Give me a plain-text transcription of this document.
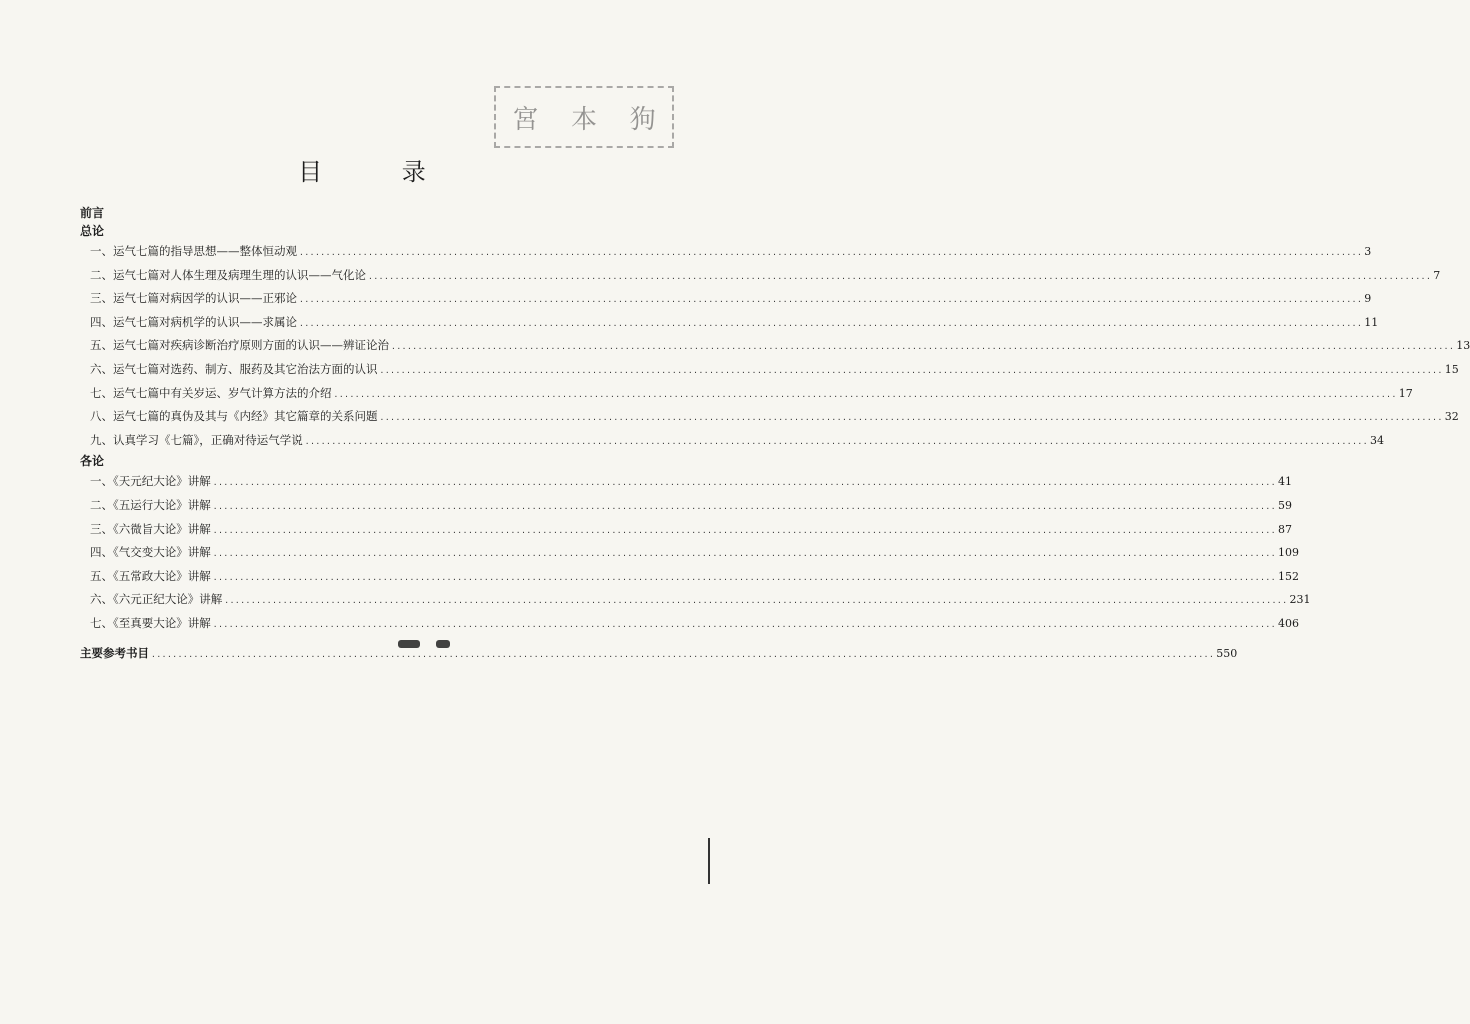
宮 本 狗
目 录
前言
总论
一、运气七篇的指导思想——整体恒动观 ........................................................................................................................................................................................................ 3
二、运气七篇对人体生理及病理生理的认识——气化论 ........................................................................................................................................................................................................ 7
三、运气七篇对病因学的认识——正邪论 ........................................................................................................................................................................................................ 9
四、运气七篇对病机学的认识——求属论 ........................................................................................................................................................................................................ 11
五、运气七篇对疾病诊断治疗原则方面的认识——辨证论治 ........................................................................................................................................................................................................ 13
六、运气七篇对选药、制方、服药及其它治法方面的认识 ........................................................................................................................................................................................................ 15
七、运气七篇中有关岁运、岁气计算方法的介绍 ........................................................................................................................................................................................................ 17
八、运气七篇的真伪及其与《内经》其它篇章的关系问题 ........................................................................................................................................................................................................ 32
九、认真学习《七篇》，正确对待运气学说 ........................................................................................................................................................................................................ 34
各论
一、《天元纪大论》讲解 ........................................................................................................................................................................................................ 41
二、《五运行大论》讲解 ........................................................................................................................................................................................................ 59
三、《六微旨大论》讲解 ........................................................................................................................................................................................................ 87
四、《气交变大论》讲解 ........................................................................................................................................................................................................ 109
五、《五常政大论》讲解 ........................................................................................................................................................................................................ 152
六、《六元正纪大论》讲解 ........................................................................................................................................................................................................ 231
七、《至真要大论》讲解 ........................................................................................................................................................................................................ 406
主要参考书目 ........................................................................................................................................................................................................ 550
